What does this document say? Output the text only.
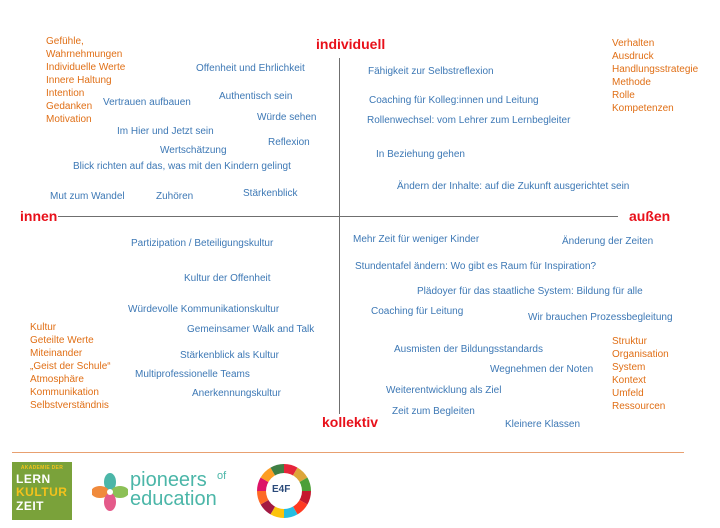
individuell
kollektiv
innen	außen
Gefühle,
Wahrnehmungen
Individuelle Werte
Innere Haltung
Intention
Gedanken
Motivation
Verhalten
Ausdruck
Handlungsstrategie
Methode
Rolle
Kompetenzen
Kultur
Geteilte Werte
Miteinander
„Geist der Schule“
Atmosphäre
Kommunikation
Selbstverständnis
Struktur
Organisation
System
Kontext
Umfeld
Ressourcen
Offenheit und Ehrlichkeit
Vertrauen aufbauen
Authentisch sein
Würde sehen
Im Hier und Jetzt sein
Reflexion
Wertschätzung
Blick richten auf das, was mit den Kindern gelingt
Mut zum Wandel	Zuhören	Stärkenblick
Fähigkeit zur Selbstreflexion
Coaching für Kolleg:innen und Leitung
Rollenwechsel: vom Lehrer zum Lernbegleiter
In Beziehung gehen
Ändern der Inhalte: auf die Zukunft ausgerichtet sein
Partizipation / Beteiligungskultur
Kultur der Offenheit
Würdevolle Kommunikationskultur
Gemeinsamer Walk and Talk
Stärkenblick als Kultur
Multiprofessionelle Teams
Anerkennungskultur
Mehr Zeit für weniger Kinder	Änderung der Zeiten
Stundentafel ändern: Wo gibt es Raum für Inspiration?
Plädoyer für das staatliche System: Bildung für alle
Coaching für Leitung
Wir brauchen Prozessbegleitung
Ausmisten der Bildungsstandards
Wegnehmen der Noten
Weiterentwicklung als Ziel
Zeit zum Begleiten
Kleinere Klassen
AKADEMIE DER
LERN
KULTUR
ZEIT
pioneers of
education	E4F
